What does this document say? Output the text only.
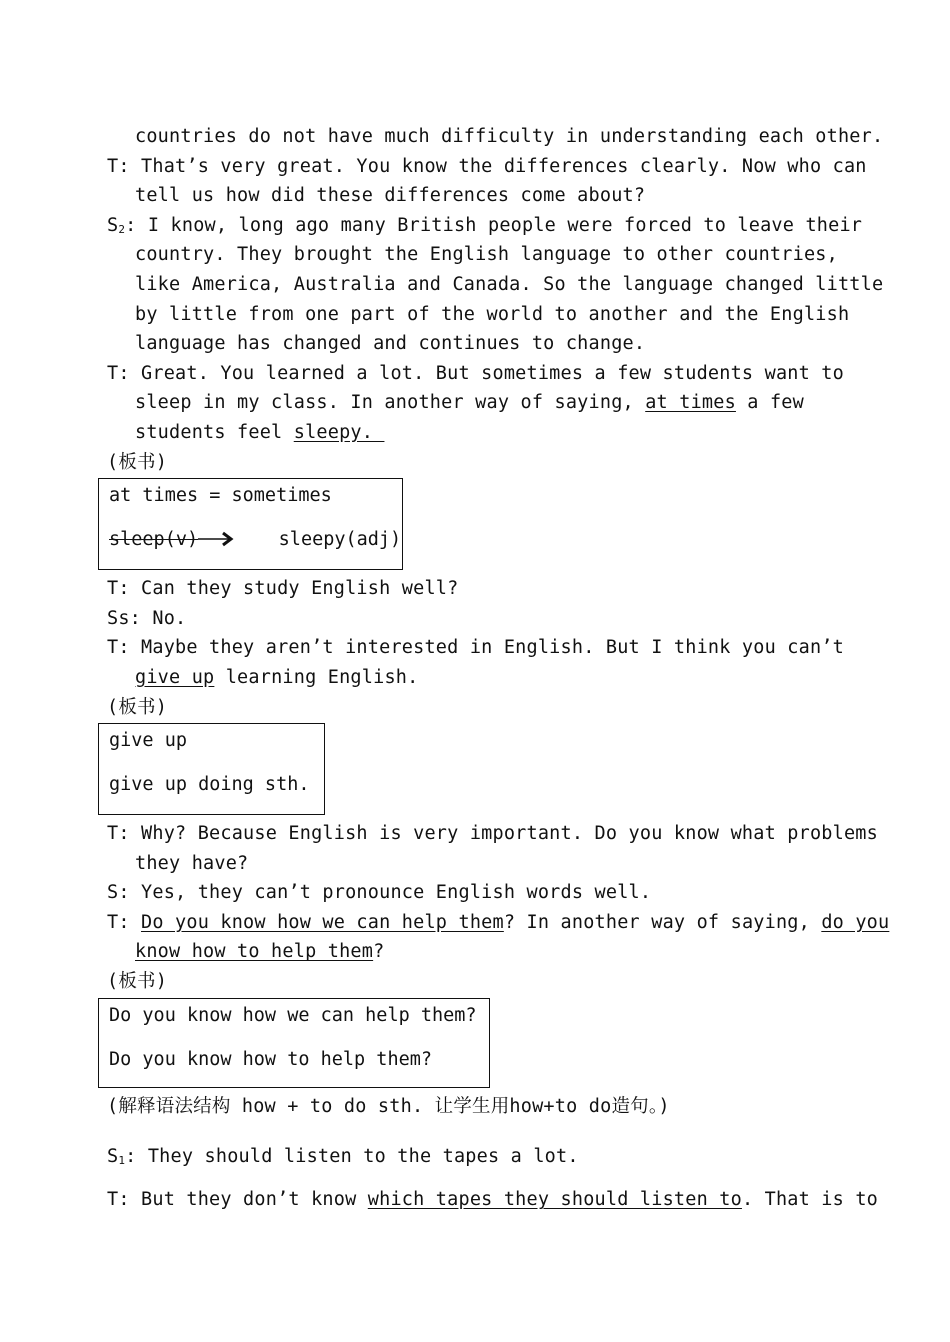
countries do not have much difficulty in understanding each other.
T: That’s very great. You know the differences clearly. Now who can
tell us how did these differences come about?
$S_2$: I know, long ago many British people were forced to leave their
country. They brought the English language to other countries,
like America, Australia and Canada. So the language changed little
by little from one part of the world to another and the English
language has changed and continues to change.
T: Great. You learned a lot. But sometimes a few students want to
sleep in my class. In another way of saying, at times a few
students feel sleepy.
(板书)
at times = sometimes
sleep(v)	sleepy(adj)
T: Can they study English well?
Ss: No.
T: Maybe they aren’t interested in English. But I think you can’t
give up learning English.
(板书)
give up
give up doing sth.
T: Why? Because English is very important. Do you know what problems
they have?
S: Yes, they can’t pronounce English words well.
T: Do you know how we can help them? In another way of saying, do you
know how to help them?
(板书)
Do you know how we can help them?
Do you know how to help them?
(解释语法结构 how + to do sth. 让学生用how+to do造句。)
$S_1$: They should listen to the tapes a lot.
T: But they don’t know which tapes they should listen to. That is to
